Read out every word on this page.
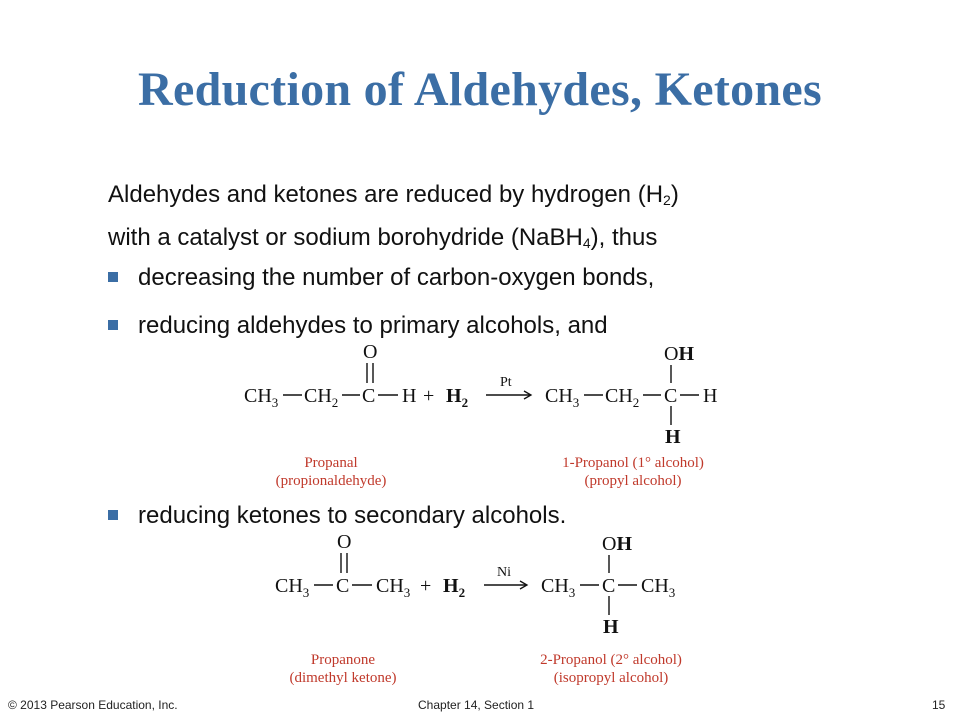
Reduction of Aldehydes, Ketones
Aldehydes and ketones are reduced by hydrogen $(H_2)$
with a catalyst or sodium borohydride (NaBH$_4$), thus
decreasing the number of carbon-oxygen bonds,
reducing aldehydes to primary alcohols, and
reducing ketones to secondary alcohols.
$CH_3$ $CH_2$ C
O
$H + H_2$
Pt
$CH_3$ $CH_2$ C
OH
H
H
Propanal
(propionaldehyde)
1-Propanol (1° alcohol)
(propyl alcohol)
$CH_3$ C
O
$CH_3 + H_2$
Ni
$CH_3$ C
OH
H
$CH_3$
Propanone
(dimethyl ketone)
2-Propanol (2° alcohol)
(isopropyl alcohol)
© 2013 Pearson Education, Inc.	Chapter 14, Section 1	15
